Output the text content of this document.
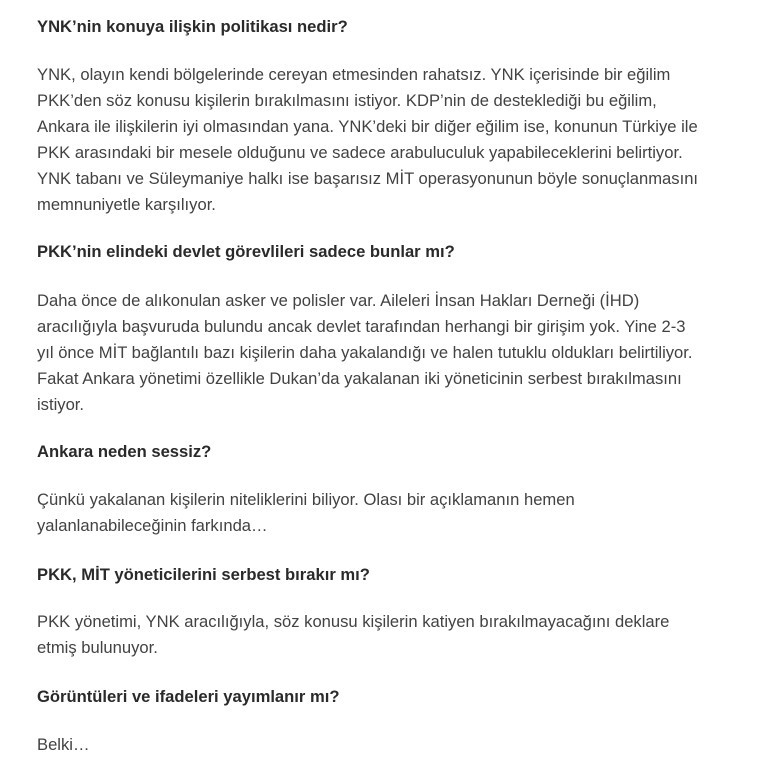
YNK’nin konuya ilişkin politikası nedir?

YNK, olayın kendi bölgelerinde cereyan etmesinden rahatsız. YNK içerisinde bir eğilim
PKK’den söz konusu kişilerin bırakılmasını istiyor. KDP’nin de desteklediği bu eğilim,
Ankara ile ilişkilerin iyi olmasından yana. YNK’deki bir diğer eğilim ise, konunun Türkiye ile
PKK arasındaki bir mesele olduğunu ve sadece arabuluculuk yapabileceklerini belirtiyor.
YNK tabanı ve Süleymaniye halkı ise başarısız MİT operasyonunun böyle sonuçlanmasını
memnuniyetle karşılıyor.

PKK’nin elindeki devlet görevlileri sadece bunlar mı?

Daha önce de alıkonulan asker ve polisler var. Aileleri İnsan Hakları Derneği (İHD)
aracılığıyla başvuruda bulundu ancak devlet tarafından herhangi bir girişim yok. Yine 2-3
yıl önce MİT bağlantılı bazı kişilerin daha yakalandığı ve halen tutuklu oldukları belirtiliyor.
Fakat Ankara yönetimi özellikle Dukan’da yakalanan iki yöneticinin serbest bırakılmasını
istiyor.

Ankara neden sessiz?

Çünkü yakalanan kişilerin niteliklerini biliyor. Olası bir açıklamanın hemen
yalanlanabileceğinin farkında…

PKK, MİT yöneticilerini serbest bırakır mı?

PKK yönetimi, YNK aracılığıyla, söz konusu kişilerin katiyen bırakılmayacağını deklare
etmiş bulunuyor.

Görüntüleri ve ifadeleri yayımlanır mı?

Belki…
